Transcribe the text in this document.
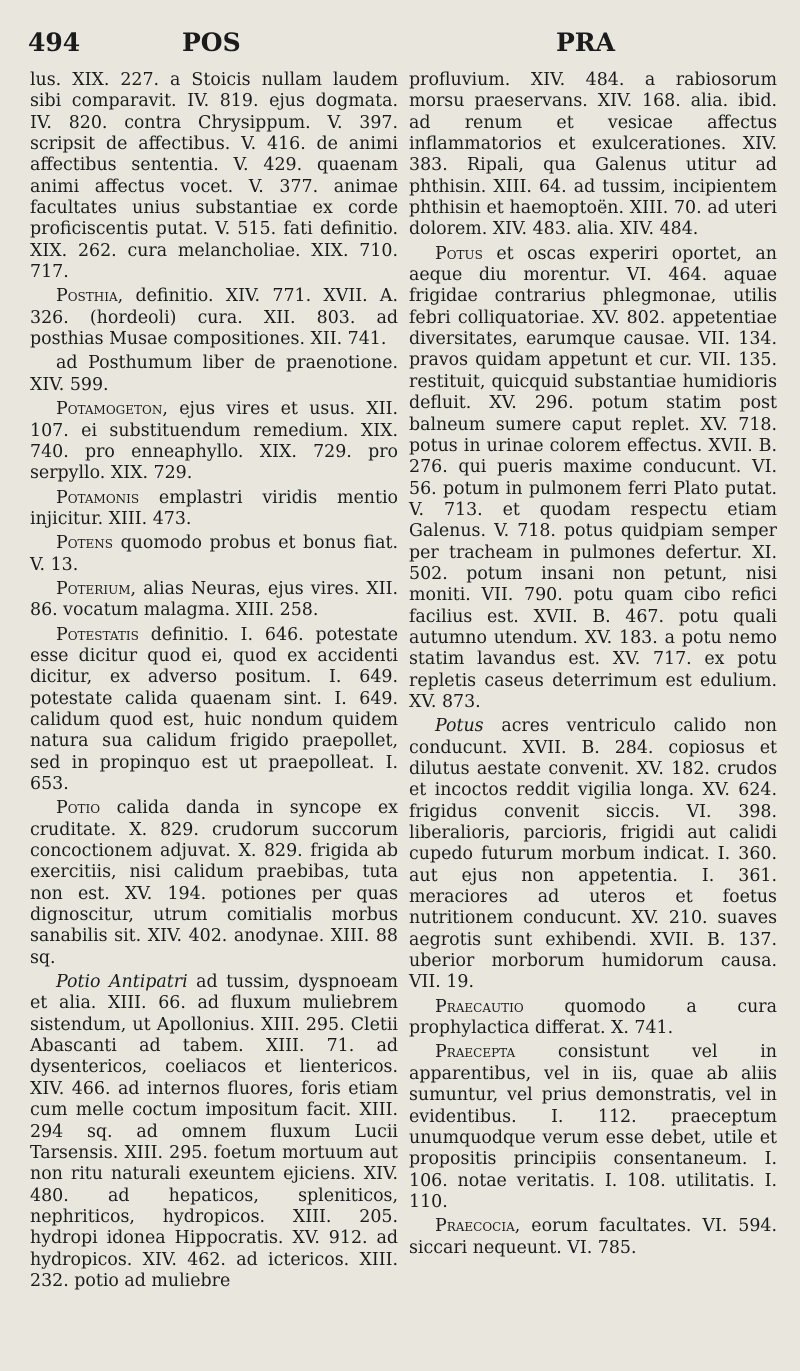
494	POS	PRA

lus. XIX. 227. a Stoicis nullam laudem sibi comparavit. IV. 819. ejus dogmata. IV. 820. contra Chrysippum. V. 397. scripsit de affectibus. V. 416. de animi affectibus sententia. V. 429. quaenam animi affectus vocet. V. 377. animae facultates unius substantiae ex corde proficiscentis putat. V. 515. fati definitio. XIX. 262. cura melancholiae. XIX. 710. 717.

Posthia, definitio. XIV. 771. XVII. A. 326. (hordeoli) cura. XII. 803. ad posthias Musae compositiones. XII. 741.

ad Posthumum liber de praenotione. XIV. 599.

Potamogeton, ejus vires et usus. XII. 107. ei substituendum remedium. XIX. 740. pro enneaphyllo. XIX. 729. pro serpyllo. XIX. 729.

Potamonis emplastri viridis mentio injicitur. XIII. 473.

Potens quomodo probus et bonus fiat. V. 13.

Poterium, alias Neuras, ejus vires. XII. 86. vocatum malagma. XIII. 258.

Potestatis definitio. I. 646. potestate esse dicitur quod ei, quod ex accidenti dicitur, ex adverso positum. I. 649. potestate calida quaenam sint. I. 649. calidum quod est, huic nondum quidem natura sua calidum frigido praepollet, sed in propinquo est ut praepolleat. I. 653.

Potio calida danda in syncope ex cruditate. X. 829. crudorum succorum concoctionem adjuvat. X. 829. frigida ab exercitiis, nisi calidum praebibas, tuta non est. XV. 194. potiones per quas dignoscitur, utrum comitialis morbus sanabilis sit. XIV. 402. anodynae. XIII. 88 sq.

Potio Antipatri ad tussim, dyspnoeam et alia. XIII. 66. ad fluxum muliebrem sistendum, ut Apollonius. XIII. 295. Cletii Abascanti ad tabem. XIII. 71. ad dysentericos, coeliacos et lientericos. XIV. 466. ad internos fluores, foris etiam cum melle coctum impositum facit. XIII. 294 sq. ad omnem fluxum Lucii Tarsensis. XIII. 295. foetum mortuum aut non ritu naturali exeuntem ejiciens. XIV. 480. ad hepaticos, spleniticos, nephriticos, hydropicos. XIII. 205. hydropi idonea Hippocratis. XV. 912. ad hydropicos. XIV. 462. ad ictericos. XIII. 232. potio ad muliebre

profluvium. XIV. 484. a rabiosorum morsu praeservans. XIV. 168. alia. ibid. ad renum et vesicae affectus inflammatorios et exulcerationes. XIV. 383. Ripali, qua Galenus utitur ad phthisin. XIII. 64. ad tussim, incipientem phthisin et haemoptoën. XIII. 70. ad uteri dolorem. XIV. 483. alia. XIV. 484.

Potus et oscas experiri oportet, an aeque diu morentur. VI. 464. aquae frigidae contrarius phlegmonae, utilis febri colliquatoriae. XV. 802. appetentiae diversitates, earumque causae. VII. 134. pravos quidam appetunt et cur. VII. 135. restituit, quicquid substantiae humidioris defluit. XV. 296. potum statim post balneum sumere caput replet. XV. 718. potus in urinae colorem effectus. XVII. B. 276. qui pueris maxime conducunt. VI. 56. potum in pulmonem ferri Plato putat. V. 713. et quodam respectu etiam Galenus. V. 718. potus quidpiam semper per tracheam in pulmones defertur. XI. 502. potum insani non petunt, nisi moniti. VII. 790. potu quam cibo refici facilius est. XVII. B. 467. potu quali autumno utendum. XV. 183. a potu nemo statim lavandus est. XV. 717. ex potu repletis caseus deterrimum est edulium. XV. 873.

Potus acres ventriculo calido non conducunt. XVII. B. 284. copiosus et dilutus aestate convenit. XV. 182. crudos et incoctos reddit vigilia longa. XV. 624. frigidus convenit siccis. VI. 398. liberalioris, parcioris, frigidi aut calidi cupedo futurum morbum indicat. I. 360. aut ejus non appetentia. I. 361. meraciores ad uteros et foetus nutritionem conducunt. XV. 210. suaves aegrotis sunt exhibendi. XVII. B. 137. uberior morborum humidorum causa. VII. 19.

Praecautio quomodo a cura prophylactica differat. X. 741.

Praecepta consistunt vel in apparentibus, vel in iis, quae ab aliis sumuntur, vel prius demonstratis, vel in evidentibus. I. 112. praeceptum unumquodque verum esse debet, utile et propositis principiis consentaneum. I. 106. notae veritatis. I. 108. utilitatis. I. 110.

Praecocia, eorum facultates. VI. 594. siccari nequeunt. VI. 785.
